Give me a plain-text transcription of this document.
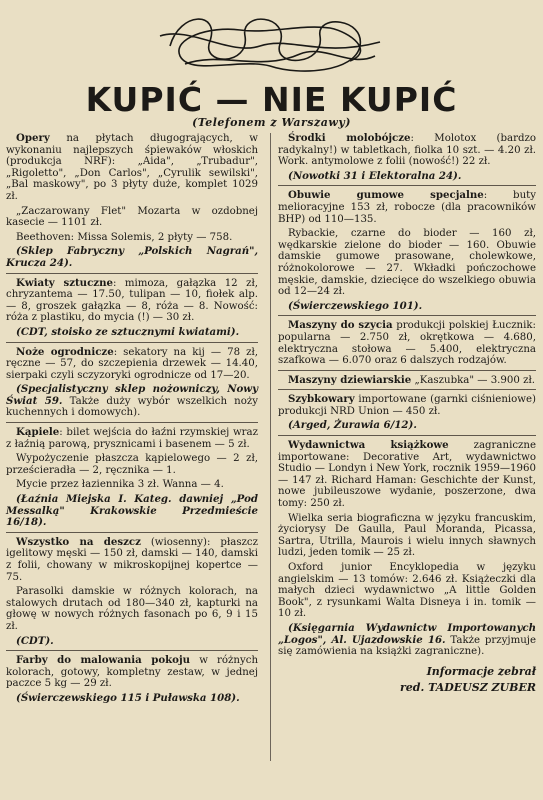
KUPIĆ — NIE KUPIĆ
(Telefonem z Warszawy)

Opery na płytach długogrających, w wykonaniu najlepszych śpiewaków włoskich (produkcja NRF): „Aida", „Trubadur", „Rigoletto", „Don Carlos", „Cyrulik sewilski", „Bal maskowy", po 3 płyty duże, komplet 1029 zł.

„Zaczarowany Flet" Mozarta w ozdobnej kasecie — 1101 zł.

Beethoven: Missa Solemis, 2 płyty — 758.

(Sklep Fabryczny „Polskich Nagrań", Krucza 24).

Kwiaty sztuczne: mimoza, gałązka 12 zł, chryzantema — 17.50, tulipan — 10, fiołek alp. — 8, groszek gałązka — 8, róża — 8. Nowość: róża z plastiku, do mycia (!) — 30 zł.

(CDT, stoisko ze sztucznymi kwiatami).

Noże ogrodnicze: sekatory na kij — 78 zł, ręczne — 57, do szczepienia drzewek — 14.40, sierpaki czyli sczyzoryki ogrodnicze od 17—20.

(Specjalistyczny sklep nożowniczy, Nowy Świat 59. Także duży wybór wszelkich noży kuchennych i domowych).

Kąpiele: bilet wejścia do łaźni rzymskiej wraz z łaźnią parową, prysznicami i basenem — 5 zł.

Wypożyczenie płaszcza kąpielowego — 2 zł, prześcieradła — 2, ręcznika — 1.

Mycie przez łaziennika 3 zł. Wanna — 4.

(Łaźnia Miejska I. Kateg. dawniej „Pod Messalką" Krakowskie Przedmieście 16/18).

Wszystko na deszcz (wiosenny): płaszcz igelitowy męski — 150 zł, damski — 140, damski z folii, chowany w mikroskopijnej kopertce — 75.

Parasolki damskie w różnych kolorach, na stalowych drutach od 180—340 zł, kapturki na głowę w nowych różnych fasonach po 6, 9 i 15 zł.

(CDT).

Farby do malowania pokoju w różnych kolorach, gotowy, kompletny zestaw, w jednej paczce 5 kg — 29 zł.

(Świerczewskiego 115 i Puławska 108).

Środki molobójcze: Molotox (bardzo radykalny!) w tabletkach, fiolka 10 szt. — 4.20 zł. Work. antymolowe z folii (nowość!) 22 zł.

(Nowotki 31 i Elektoralna 24).

Obuwie gumowe specjalne: buty melioracyjne 153 zł, robocze (dla pracowników BHP) od 110—135.

Rybackie, czarne do bioder — 160 zł, wędkarskie zielone do bioder — 160. Obuwie damskie gumowe prasowane, cholewkowe, różnokolorowe — 27. Wkładki pończochowe męskie, damskie, dziecięce do wszelkiego obuwia od 12—24 zł.

(Świerczewskiego 101).

Maszyny do szycia produkcji polskiej Łucznik: popularna — 2.750 zł, okrętkowa — 4.680, elektryczna stołowa — 5.400, elektryczna szafkowa — 6.070 oraz 6 dalszych rodzajów.

Maszyny dziewiarskie „Kaszubka" — 3.900 zł.

Szybkowary importowane (garnki ciśnieniowe) produkcji NRD Union — 450 zł.

(Arged, Żurawia 6/12).

Wydawnictwa książkowe zagraniczne importowane: Decorative Art, wydawnictwo Studio — Londyn i New York, rocznik 1959—1960 — 147 zł. Richard Haman: Geschichte der Kunst, nowe jubileuszowe wydanie, poszerzone, dwa tomy: 250 zł.

Wielka seria biograficzna w języku francuskim, życiorysy De Gaulla, Paul Moranda, Picassa, Sartra, Utrilla, Maurois i wielu innych sławnych ludzi, jeden tomik — 25 zł.

Oxford junior Encyklopedia w języku angielskim — 13 tomów: 2.646 zł. Książeczki dla małych dzieci wydawnictwo „A little Golden Book", z rysunkami Walta Disneya i in. tomik — 10 zł.

(Księgarnia Wydawnictw Importowanych „Logos", Al. Ujazdowskie 16. Także przyjmuje się zamówienia na książki zagraniczne).

Informacje zebrał
red. TADEUSZ ZUBER
